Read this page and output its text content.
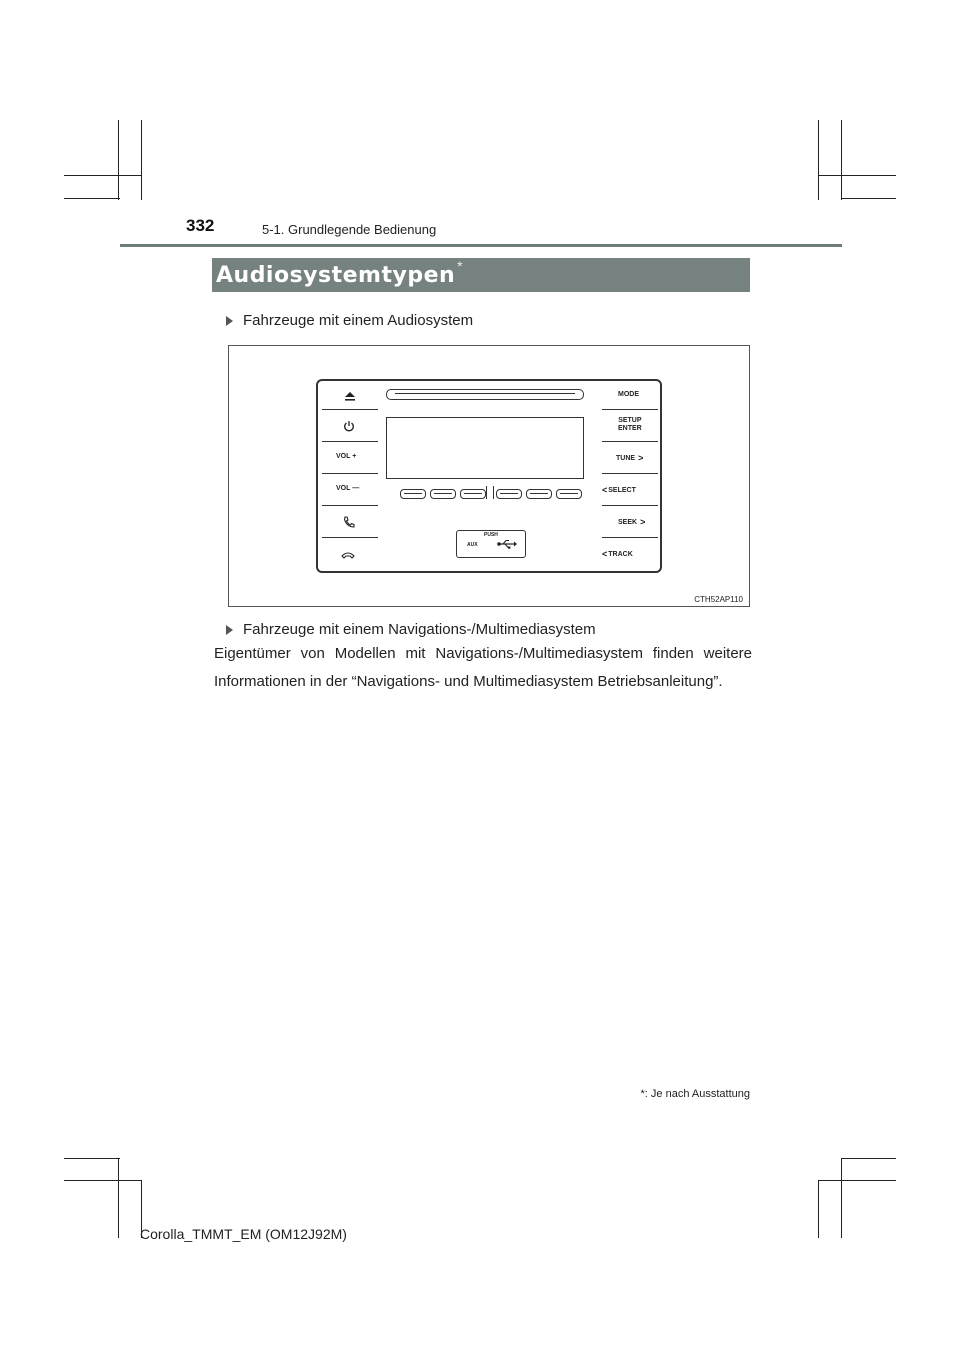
332	5-1. Grundlegende Bedienung
Audiosystemtypen *
Fahrzeuge mit einem Audiosystem
CTH52AP110
VOL +
VOL —
MODE
SETUP
ENTER
TUNE >
< SELECT
SEEK >
< TRACK
PUSH
AUX
Fahrzeuge mit einem Navigations-/Multimediasystem
Eigentümer von Modellen mit Navigations-/Multimediasystem finden weitere Informationen in der “Navigations- und Multimediasystem Betriebsanleitung”.
*: Je nach Ausstattung
Corolla_TMMT_EM (OM12J92M)
